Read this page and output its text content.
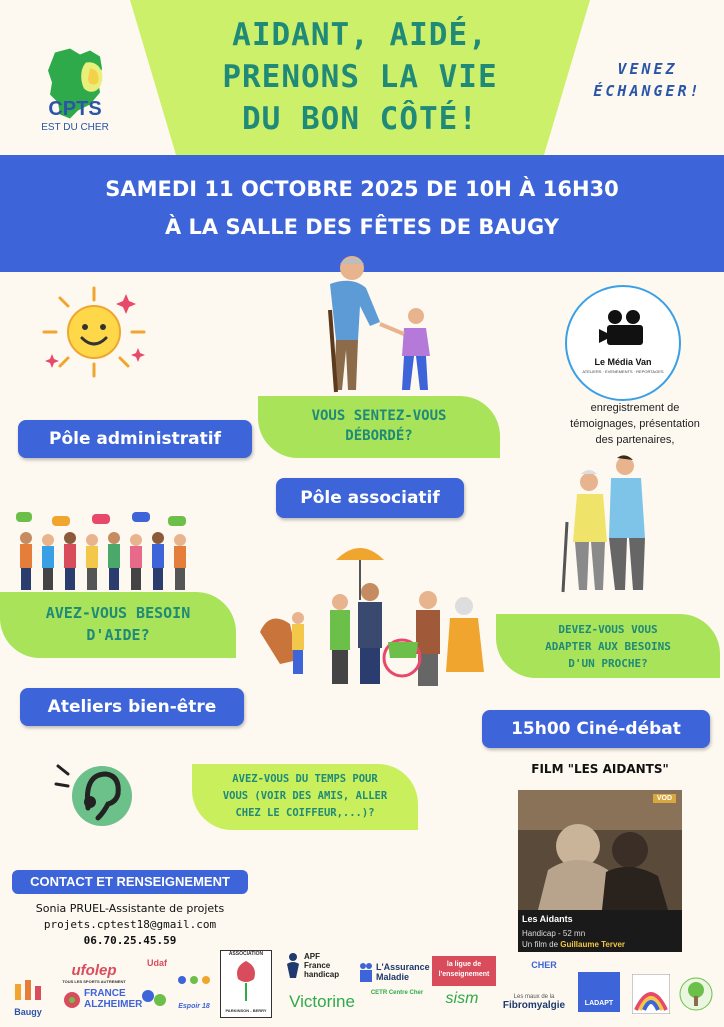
AIDANT, AIDÉ,
PRENONS LA VIE
DU BON CÔTÉ!
CPTS
EST DU CHER
VENEZ
ÉCHANGER!
SAMEDI 11 OCTOBRE 2025 DE 10H À 16H30
À LA SALLE DES FÊTES DE BAUGY
Le Média Van
ATELIERS · EVENEMENTS · REPORTAGES
enregistrement de
témoignages, présentation
des partenaires,
VOUS SENTEZ-VOUS
DÉBORDÉ?
Pôle administratif
Pôle associatif
AVEZ-VOUS BESOIN
D'AIDE?	DEVEZ-VOUS VOUS
ADAPTER AUX BESOINS
D'UN PROCHE?
Ateliers bien-être
15h00 Ciné-débat
AVEZ-VOUS DU TEMPS POUR
VOUS (VOIR DES AMIS, ALLER
CHEZ LE COIFFEUR,...)?
FILM "LES AIDANTS"
VOD
Les Aidants
Handicap - 52 mn
Un film de Guillaume Terver
CONTACT ET RENSEIGNEMENT
Sonia PRUEL-Assistante de projets
projets.cptest18@gmail.com
06.70.25.45.59
Baugy
ufolep
TOUS LES SPORTS AUTREMENT
FRANCE
ALZHEIMER
Udaf
Espoir 18
ASSOCIATION
PARKINSON - BERRY
APF
France
handicap
Victorine
L'Assurance
Maladie
CETR Centre Cher
la ligue de
l'enseignement
sism
CHER
Les maux de la
Fibromyalgie	LADAPT
